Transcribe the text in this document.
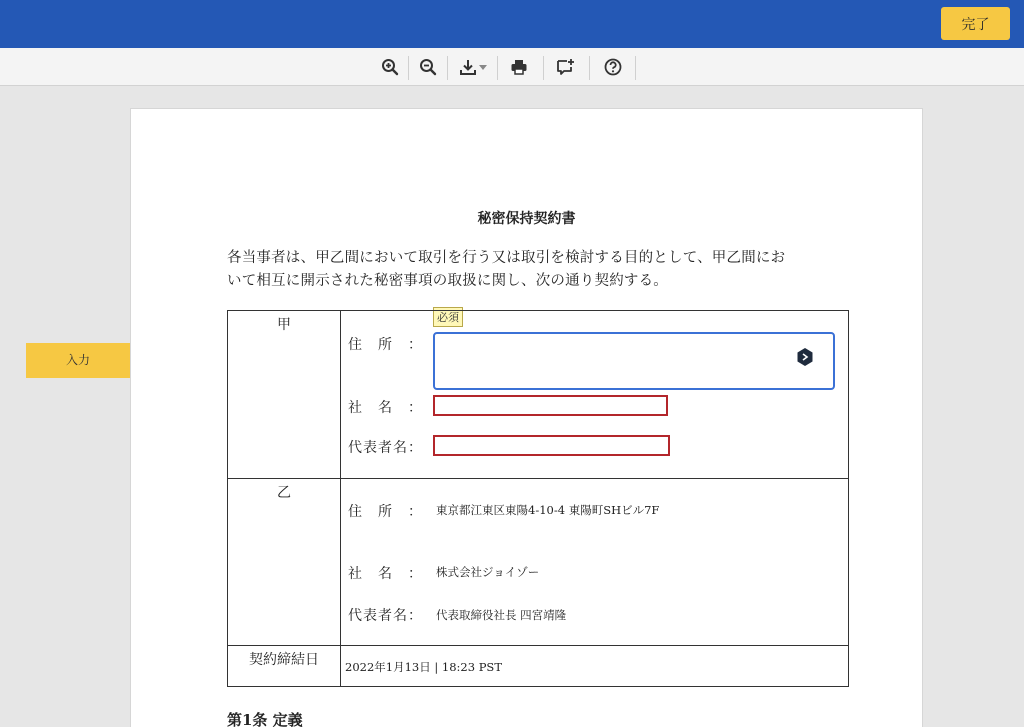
完了
入力
秘密保持契約書
各当事者は、甲乙間において取引を行う又は取引を検討する目的として、甲乙間にお
いて相互に開示された秘密事項の取扱に関し、次の通り契約する。
必須
甲
住　所　：
社　名　：
代表者名：
乙
住　所　： 東京都江東区東陽4-10-4 東陽町SHビル7F
社　名　： 株式会社ジョイゾー
代表者名： 代表取締役社長 四宮靖隆
契約締結日	2022年1月13日 | 18:23 PST
第1条 定義
